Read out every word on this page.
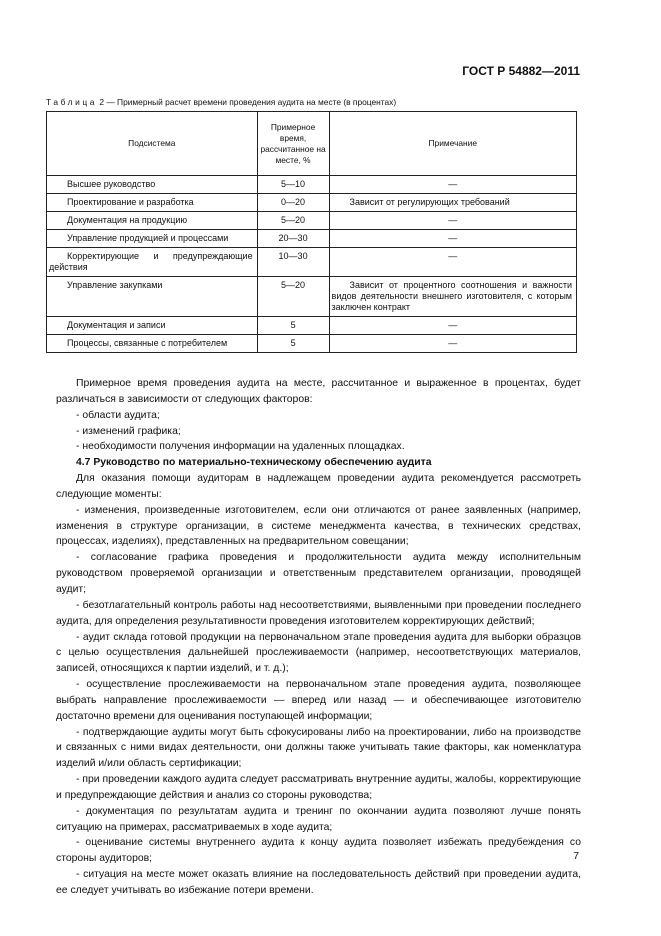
ГОСТ Р 54882—2011
Таблица 2 — Примерный расчет времени проведения аудита на месте (в процентах)
Подсистема	Примерное время, рассчитанное на месте, %	Примечание
Высшее руководство	5—10	—
Проектирование и разработка	0—20	Зависит от регулирующих требований
Документация на продукцию	5—20	—
Управление продукцией и процессами	20—30	—
Корректирующие и предупреждающие действия	10—30	—
Управление закупками	5—20	Зависит от процентного соотношения и важности видов деятельности внешнего изготовителя, с которым заключен контракт
Документация и записи	5	—
Процессы, связанные с потребителем	5	—

Примерное время проведения аудита на месте, рассчитанное и выраженное в процентах, будет различаться в зависимости от следующих факторов:

- области аудита;

- изменений графика;

- необходимости получения информации на удаленных площадках.

4.7 Руководство по материально-техническому обеспечению аудита

Для оказания помощи аудиторам в надлежащем проведении аудита рекомендуется рассмотреть следующие моменты:

- изменения, произведенные изготовителем, если они отличаются от ранее заявленных (например, изменения в структуре организации, в системе менеджмента качества, в технических средствах, процессах, изделиях), представленных на предварительном совещании;

- согласование графика проведения и продолжительности аудита между исполнительным руководством проверяемой организации и ответственным представителем организации, проводящей аудит;

- безотлагательный контроль работы над несоответствиями, выявленными при проведении последнего аудита, для определения результативности проведения изготовителем корректирующих действий;

- аудит склада готовой продукции на первоначальном этапе проведения аудита для выборки образцов с целью осуществления дальнейшей прослеживаемости (например, несоответствующих материалов, записей, относящихся к партии изделий, и т. д.);

- осуществление прослеживаемости на первоначальном этапе проведения аудита, позволяющее выбрать направление прослеживаемости — вперед или назад — и обеспечивающее изготовителю достаточно времени для оценивания поступающей информации;

- подтверждающие аудиты могут быть сфокусированы либо на проектировании, либо на производстве и связанных с ними видах деятельности, они должны также учитывать такие факторы, как номенклатура изделий и/или область сертификации;

- при проведении каждого аудита следует рассматривать внутренние аудиты, жалобы, корректирующие и предупреждающие действия и анализ со стороны руководства;

- документация по результатам аудита и тренинг по окончании аудита позволяют лучше понять ситуацию на примерах, рассматриваемых в ходе аудита;

- оценивание системы внутреннего аудита к концу аудита позволяет избежать предубеждения со стороны аудиторов;

- ситуация на месте может оказать влияние на последовательность действий при проведении аудита, ее следует учитывать во избежание потери времени.

7
